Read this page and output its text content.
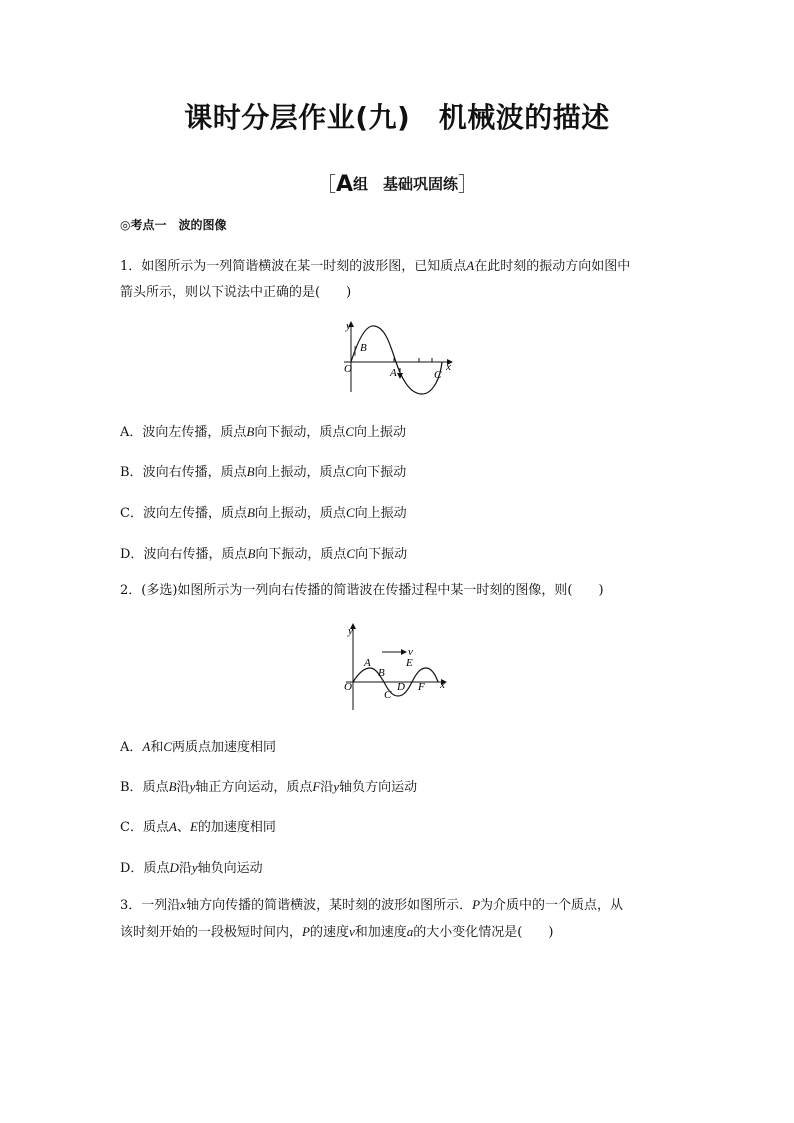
课时分层作业(九)　机械波的描述
［A组　基础巩固练］
◎考点一　波的图像
1．如图所示为一列简谐横波在某一时刻的波形图，已知质点A在此时刻的振动方向如图中
箭头所示，则以下说法中正确的是(　　)
y
x
O
B
A	C
A．波向左传播，质点B向下振动，质点C向上振动
B．波向右传播，质点B向上振动，质点C向下振动
C．波向左传播，质点B向上振动，质点C向上振动
D．波向右传播，质点B向下振动，质点C向下振动
2．(多选)如图所示为一列向右传播的简谐波在传播过程中某一时刻的图像，则(　　)
v
y
x
O
A
B
C
D
E
F
A．A和C两质点加速度相同
B．质点B沿y轴正方向运动，质点F沿y轴负方向运动
C．质点A、E的加速度相同
D．质点D沿y轴负向运动
3．一列沿x轴方向传播的简谐横波，某时刻的波形如图所示．P为介质中的一个质点，从
该时刻开始的一段极短时间内，P的速度v和加速度a的大小变化情况是(　　)
